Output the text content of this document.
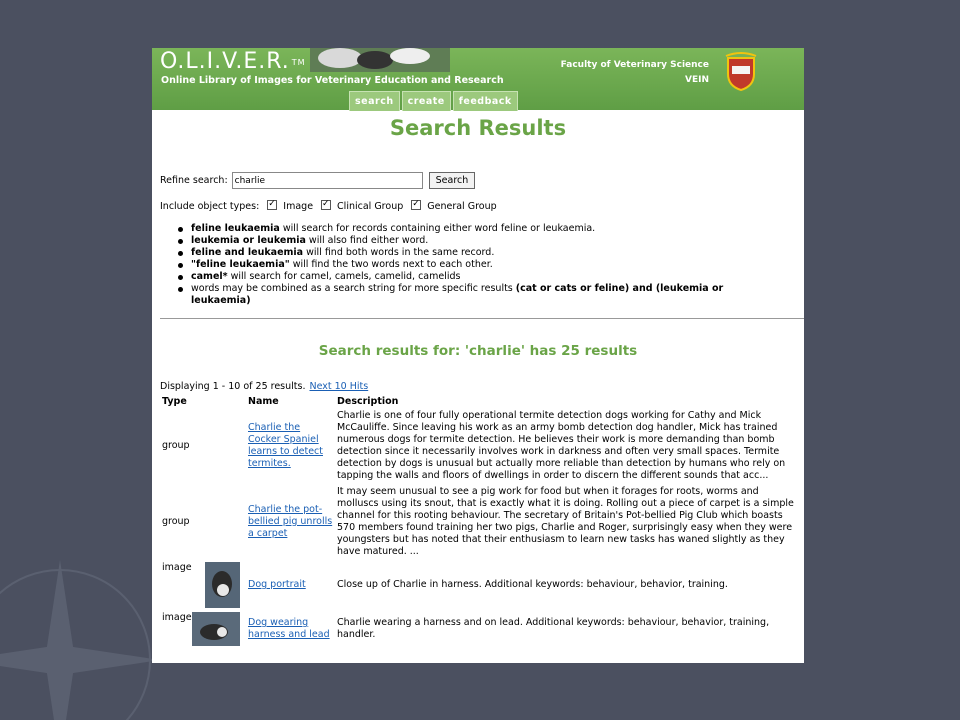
O.L.I.V.E.R. TM
Online Library of Images for Veterinary Education and Research
Faculty of Veterinary Science
VEIN
search	create	feedback
Search Results
Refine search:
charlie	Search
Include object types: ✓ Image ✓ Clinical Group ✓ General Group
feline leukaemia will search for records containing either word feline or leukaemia.
leukemia or leukemia will also find either word.
feline and leukaemia will find both words in the same record.
"feline leukaemia" will find the two words next to each other.
camel* will search for camel, camels, camelid, camelids
words may be combined as a search string for more specific results (cat or cats or feline) and (leukemia or leukaemia)
Search results for: 'charlie' has 25 results
Displaying 1 - 10 of 25 results. Next 10 Hits
Type	Name	Description
group	Charlie the Cocker Spaniel learns to detect termites.	Charlie is one of four fully operational termite detection dogs working for Cathy and Mick McCauliffe. Since leaving his work as an army bomb detection dog handler, Mick has trained numerous dogs for termite detection. He believes their work is more demanding than bomb detection since it necessarily involves work in darkness and often very small spaces. Termite detection by dogs is unusual but actually more reliable than detection by humans who rely on tapping the walls and floors of dwellings in order to discern the different sounds that acc...
group	Charlie the pot-bellied pig unrolls a carpet	It may seem unusual to see a pig work for food but when it forages for roots, worms and molluscs using its snout, that is exactly what it is doing. Rolling out a piece of carpet is a simple channel for this rooting behaviour. The secretary of Britain's Pot-bellied Pig Club which boasts 570 members found training her two pigs, Charlie and Roger, surprisingly easy when they were youngsters but has noted that their enthusiasm to learn new tasks has waned slightly as they have matured. ...
image	Dog portrait	Close up of Charlie in harness. Additional keywords: behaviour, behavior, training.
image	Dog wearing harness and lead	Charlie wearing a harness and on lead. Additional keywords: behaviour, behavior, training, handler.
